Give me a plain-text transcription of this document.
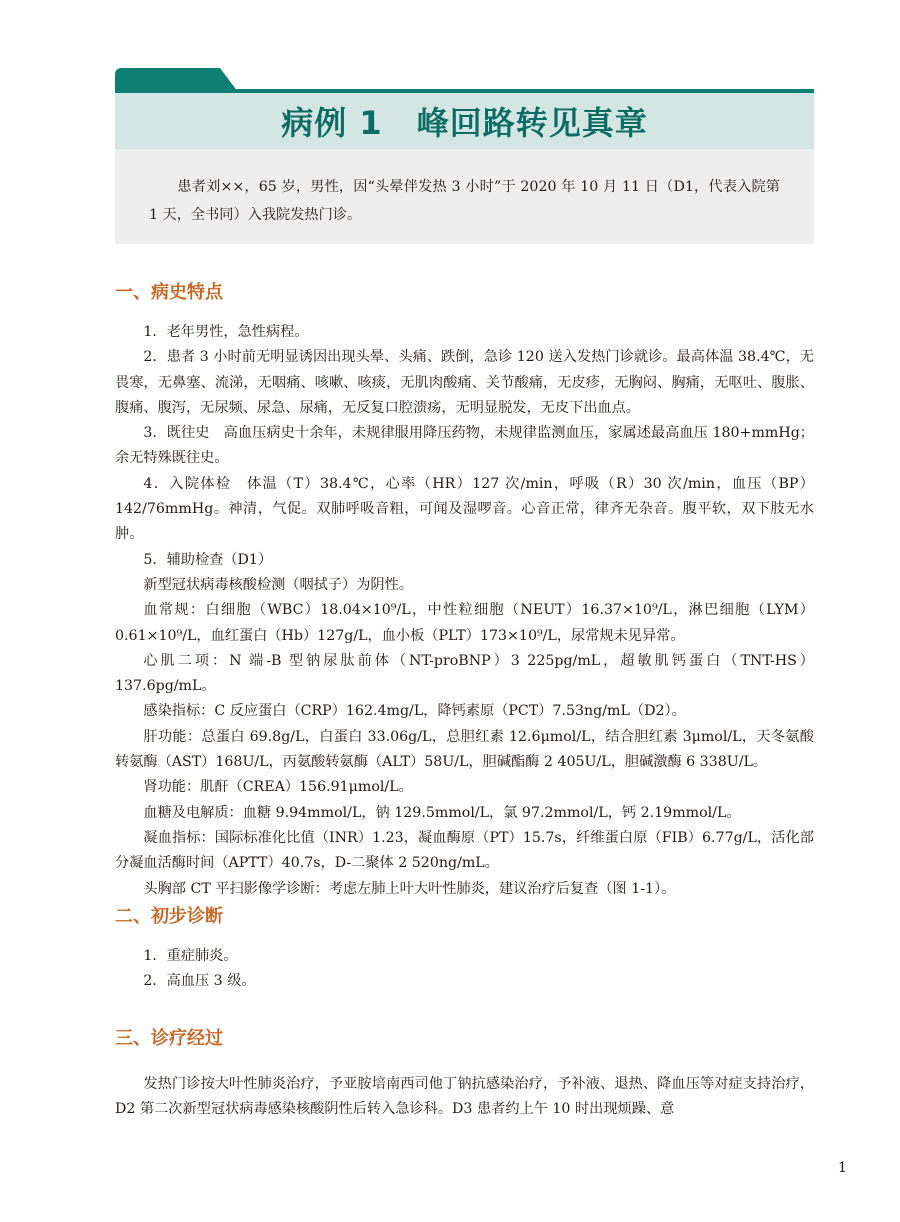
病例 1 峰回路转见真章

患者刘××，65 岁，男性，因“头晕伴发热 3 小时”于 2020 年 10 月 11 日（D1，代表入院第 1 天，全书同）入我院发热门诊。

一、病史特点

1．老年男性，急性病程。

2．患者 3 小时前无明显诱因出现头晕、头痛、跌倒，急诊 120 送入发热门诊就诊。最高体温 38.4℃，无畏寒，无鼻塞、流涕，无咽痛、咳嗽、咳痰，无肌肉酸痛、关节酸痛，无皮疹，无胸闷、胸痛，无呕吐、腹胀、腹痛、腹泻，无尿频、尿急、尿痛，无反复口腔溃疡，无明显脱发，无皮下出血点。

3．既往史　高血压病史十余年，未规律服用降压药物，未规律监测血压，家属述最高血压 180+mmHg；余无特殊既往史。

4．入院体检　体温（T）38.4℃，心率（HR）127 次/min，呼吸（R）30 次/min，血压（BP）142/76mmHg。神清，气促。双肺呼吸音粗，可闻及湿啰音。心音正常，律齐无杂音。腹平软，双下肢无水肿。

5．辅助检查（D1）

新型冠状病毒核酸检测（咽拭子）为阴性。

血常规：白细胞（WBC）18.04×10⁹/L，中性粒细胞（NEUT）16.37×10⁹/L，淋巴细胞（LYM）0.61×10⁹/L，血红蛋白（Hb）127g/L，血小板（PLT）173×10⁹/L，尿常规未见异常。

心肌二项：N 端-B 型钠尿肽前体（NT-proBNP）3 225pg/mL，超敏肌钙蛋白（TNT-HS）137.6pg/mL。

感染指标：C 反应蛋白（CRP）162.4mg/L，降钙素原（PCT）7.53ng/mL（D2）。

肝功能：总蛋白 69.8g/L，白蛋白 33.06g/L，总胆红素 12.6μmol/L，结合胆红素 3μmol/L，天冬氨酸转氨酶（AST）168U/L，丙氨酸转氨酶（ALT）58U/L，胆碱酯酶 2 405U/L，胆碱激酶 6 338U/L。

肾功能：肌酐（CREA）156.91μmol/L。

血糖及电解质：血糖 9.94mmol/L，钠 129.5mmol/L，氯 97.2mmol/L，钙 2.19mmol/L。

凝血指标：国际标准化比值（INR）1.23，凝血酶原（PT）15.7s，纤维蛋白原（FIB）6.77g/L，活化部分凝血活酶时间（APTT）40.7s，D-二聚体 2 520ng/mL。

头胸部 CT 平扫影像学诊断：考虑左肺上叶大叶性肺炎，建议治疗后复查（图 1-1）。

二、初步诊断

1．重症肺炎。

2．高血压 3 级。

三、诊疗经过

发热门诊按大叶性肺炎治疗，予亚胺培南西司他丁钠抗感染治疗，予补液、退热、降血压等对症支持治疗，D2 第二次新型冠状病毒感染核酸阴性后转入急诊科。D3 患者约上午 10 时出现烦躁、意

1
